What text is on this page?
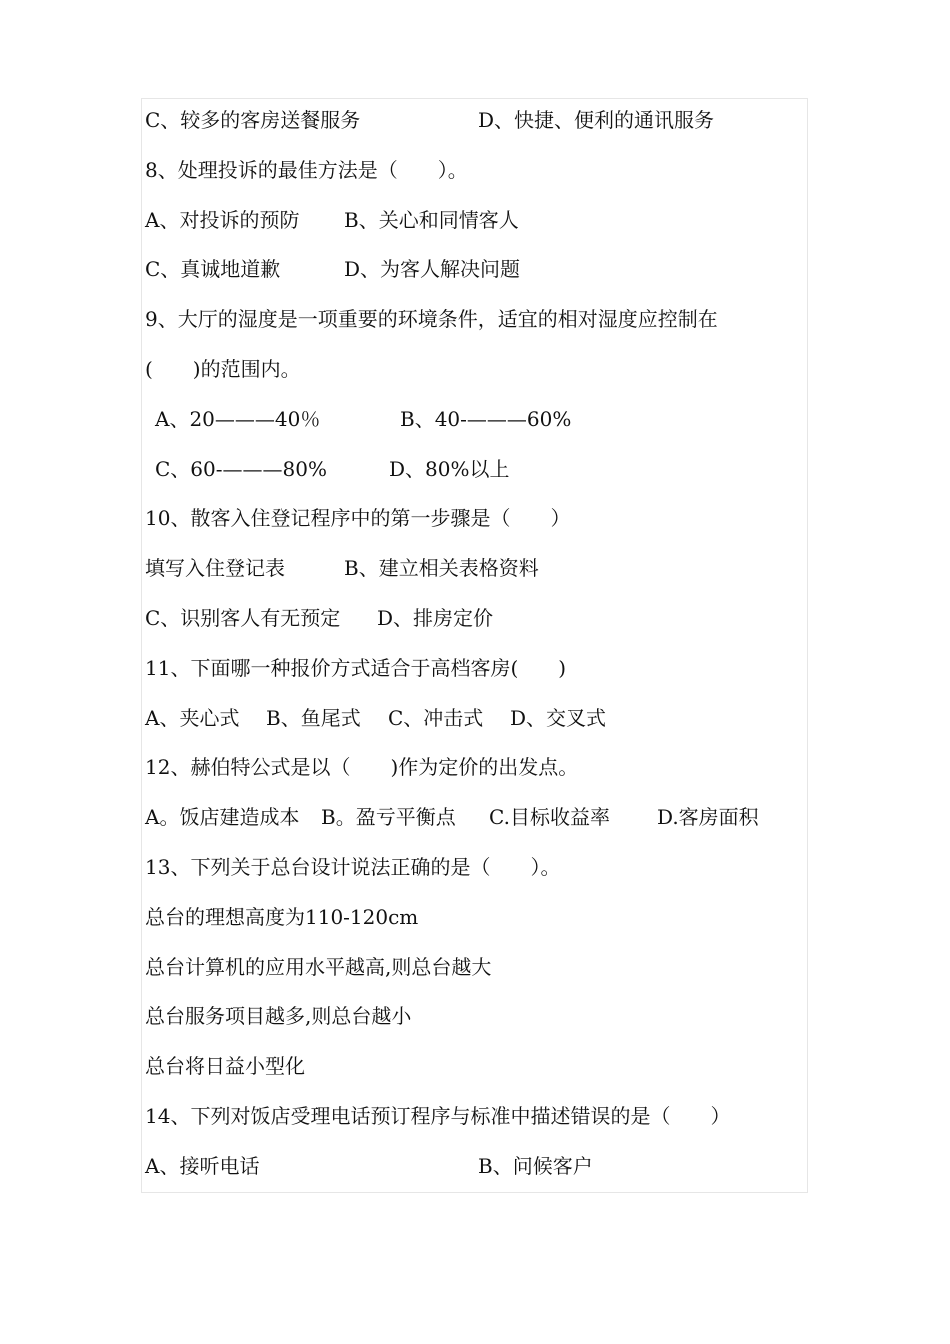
C、较多的客房送餐服务

	D、快捷、便利的通讯服务

8、处理投诉的最佳方法是（　　）。

A、对投诉的预防

B、关心和同情客人

C、真诚地道歉

	D、为客人解决问题

9、大厅的湿度是一项重要的环境条件，适宜的相对湿度应控制在

(　　)的范围内。

A、20———40％

	B、40-———60%

C、60-———80%

	D、80%以上

10、散客入住登记程序中的第一步骤是（　　）

填写入住登记表

	B、建立相关表格资料

C、识别客人有无预定

D、排房定价

11、下面哪一种报价方式适合于高档客房(　　)

A、夹心式

B、鱼尾式

C、冲击式

D、交叉式

12、赫伯特公式是以（　　)作为定价的出发点。

A。饭店建造成本

B。盈亏平衡点

C.目标收益率

D.客房面积

13、下列关于总台设计说法正确的是（　　）。

总台的理想高度为110-120cm

总台计算机的应用水平越高,则总台越大

总台服务项目越多,则总台越小

总台将日益小型化

14、下列对饭店受理电话预订程序与标准中描述错误的是（　　）

A、接听电话

	B、问候客户
